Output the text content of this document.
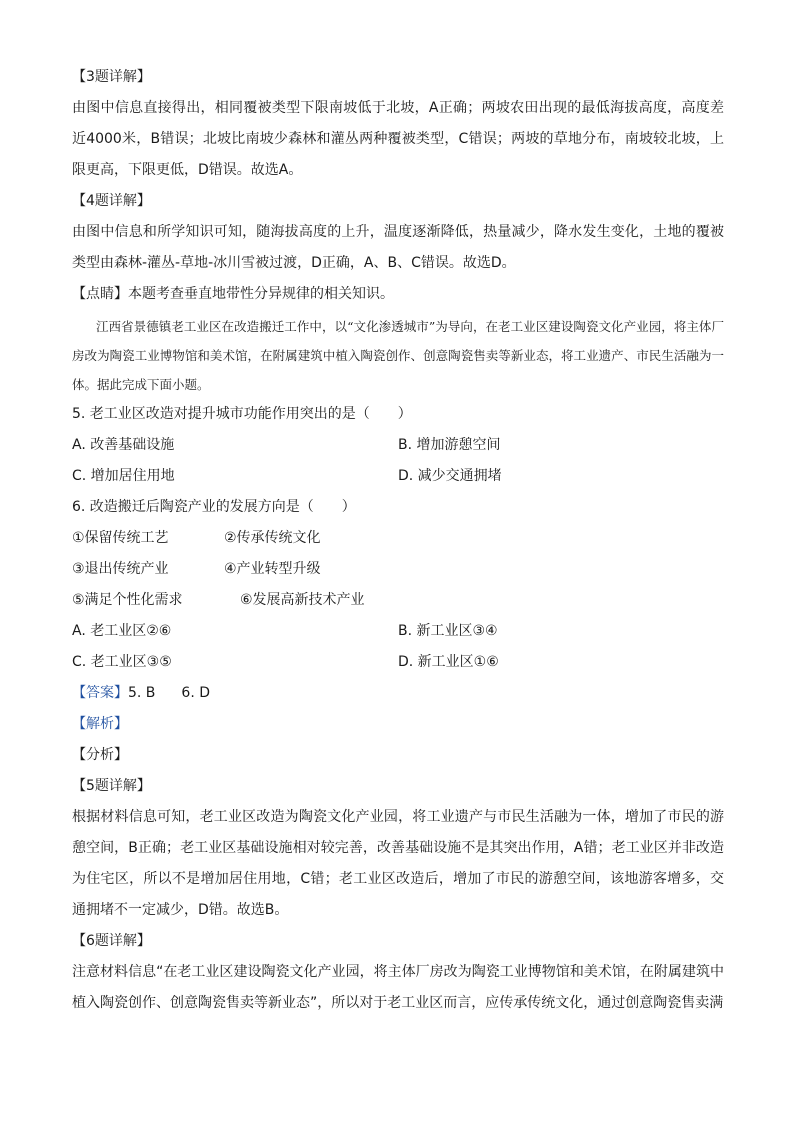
【3题详解】

由图中信息直接得出，相同覆被类型下限南坡低于北坡，A正确；两坡农田出现的最低海拔高度，高度差近4000米，B错误；北坡比南坡少森林和灌丛两种覆被类型，C错误；两坡的草地分布，南坡较北坡，上限更高，下限更低，D错误。故选A。

【4题详解】

由图中信息和所学知识可知，随海拔高度的上升，温度逐渐降低，热量减少，降水发生变化，土地的覆被类型由森林-灌丛-草地-冰川雪被过渡，D正确，A、B、C错误。故选D。

【点睛】本题考查垂直地带性分异规律的相关知识。

江西省景德镇老工业区在改造搬迁工作中，以“文化渗透城市”为导向，在老工业区建设陶瓷文化产业园，将主体厂房改为陶瓷工业博物馆和美术馆，在附属建筑中植入陶瓷创作、创意陶瓷售卖等新业态，将工业遗产、市民生活融为一体。据此完成下面小题。

5. 老工业区改造对提升城市功能作用突出的是（　　）
A. 改善基础设施	B. 增加游憩空间
C. 增加居住用地	D. 减少交通拥堵
6. 改造搬迁后陶瓷产业的发展方向是（　　）
①保留传统工艺	②传承传统文化
③退出传统产业	④产业转型升级
⑤满足个性化需求	⑥发展高新技术产业
A. 老工业区②⑥	B. 新工业区③④
C. 老工业区③⑤	D. 新工业区①⑥
【答案】5. B 6. D
【解析】
【分析】
【5题详解】

根据材料信息可知，老工业区改造为陶瓷文化产业园，将工业遗产与市民生活融为一体，增加了市民的游憩空间，B正确；老工业区基础设施相对较完善，改善基础设施不是其突出作用，A错；老工业区并非改造为住宅区，所以不是增加居住用地，C错；老工业区改造后，增加了市民的游憩空间，该地游客增多，交通拥堵不一定减少，D错。故选B。

【6题详解】

注意材料信息“在老工业区建设陶瓷文化产业园，将主体厂房改为陶瓷工业博物馆和美术馆，在附属建筑中植入陶瓷创作、创意陶瓷售卖等新业态”，所以对于老工业区而言，应传承传统文化，通过创意陶瓷售卖满
